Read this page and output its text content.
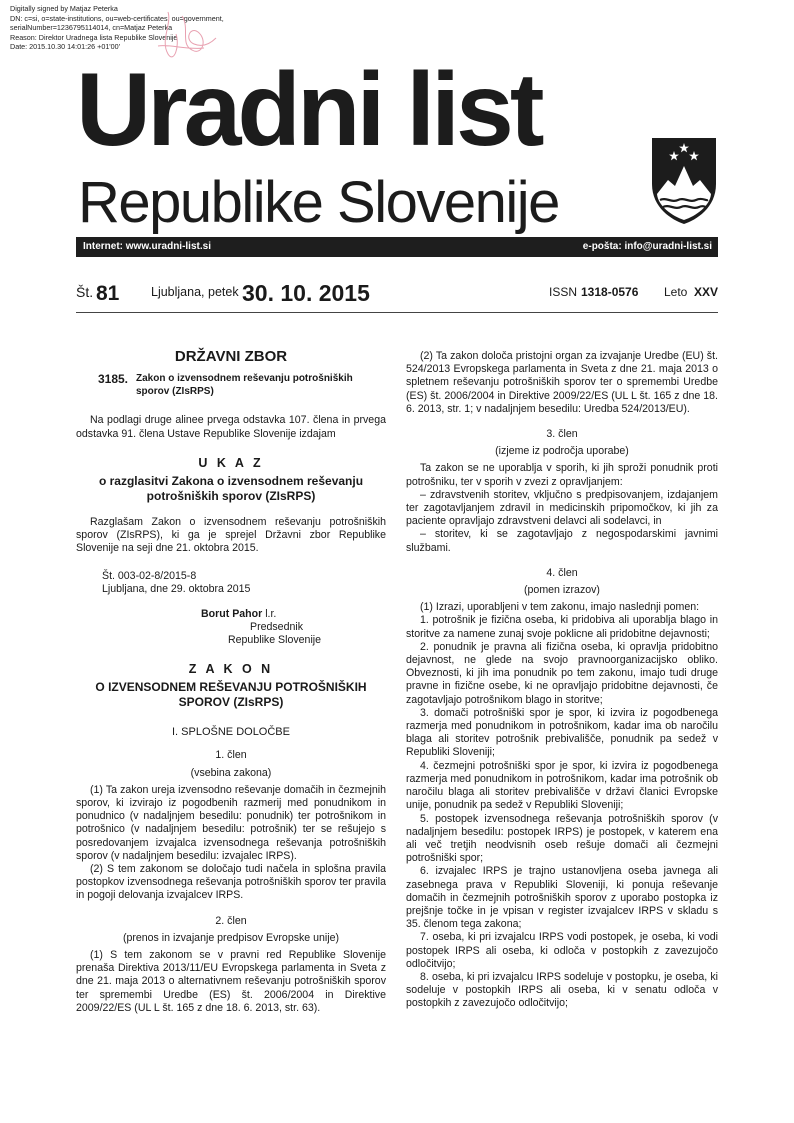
Digitally signed by Matjaz Peterka
DN: c=si, o=state-institutions, ou=web-certificates, ou=government,
serialNumber=1236795114014, cn=Matjaz Peterka
Reason: Direktor Uradnega lista Republike Slovenije
Date: 2015.10.30 14:01:26 +01'00'
Uradni list
Republike Slovenije
Internet: www.uradni-list.si	e-pošta: info@uradni-list.si
Št. 81	Ljubljana, petek 30. 10. 2015	ISSN 1318-0576 Leto XXV

DRŽAVNI ZBOR

3185. Zakon o izvensodnem reševanju potrošniških sporov (ZIsRPS)

Na podlagi druge alinee prvega odstavka 107. člena in prvega odstavka 91. člena Ustave Republike Slovenije izdajam

U K A Z

o razglasitvi Zakona o izvensodnem reševanju potrošniških sporov (ZIsRPS)

Razglašam Zakon o izvensodnem reševanju potrošniških sporov (ZIsRPS), ki ga je sprejel Državni zbor Republike Slovenije na seji dne 21. oktobra 2015.

Št. 003-02-8/2015-8

Ljubljana, dne 29. oktobra 2015

Borut Pahor l.r.

Predsednik

Republike Slovenije

Z A K O N

O IZVENSODNEM REŠEVANJU POTROŠNIŠKIH SPOROV (ZIsRPS)

I. SPLOŠNE DOLOČBE

1. člen

(vsebina zakona)

(1) Ta zakon ureja izvensodno reševanje domačih in čezmejnih sporov, ki izvirajo iz pogodbenih razmerij med ponudnikom in ponudnico (v nadaljnjem besedilu: ponudnik) ter potrošnikom in potrošnico (v nadaljnjem besedilu: potrošnik) ter se rešujejo s posredovanjem izvajalca izvensodnega reševanja potrošniških sporov (v nadaljnjem besedilu: izvajalec IRPS).

(2) S tem zakonom se določajo tudi načela in splošna pravila postopkov izvensodnega reševanja potrošniških sporov ter pravila in pogoji delovanja izvajalcev IRPS.

2. člen

(prenos in izvajanje predpisov Evropske unije)

(1) S tem zakonom se v pravni red Republike Slovenije prenaša Direktiva 2013/11/EU Evropskega parlamenta in Sveta z dne 21. maja 2013 o alternativnem reševanju potrošniških sporov ter spremembi Uredbe (ES) št. 2006/2004 in Direktive 2009/22/ES (UL L št. 165 z dne 18. 6. 2013, str. 63).

(2) Ta zakon določa pristojni organ za izvajanje Uredbe (EU) št. 524/2013 Evropskega parlamenta in Sveta z dne 21. maja 2013 o spletnem reševanju potrošniških sporov ter o spremembi Uredbe (ES) št. 2006/2004 in Direktive 2009/22/ES (UL L št. 165 z dne 18. 6. 2013, str. 1; v nadaljnjem besedilu: Uredba 524/2013/EU).

3. člen

(izjeme iz področja uporabe)

Ta zakon se ne uporablja v sporih, ki jih sproži ponudnik proti potrošniku, ter v sporih v zvezi z opravljanjem:

– zdravstvenih storitev, vključno s predpisovanjem, izdajanjem ter zagotavljanjem zdravil in medicinskih pripomočkov, ki jih za paciente opravljajo zdravstveni delavci ali sodelavci, in

– storitev, ki se zagotavljajo z negospodarskimi javnimi službami.

4. člen

(pomen izrazov)

(1) Izrazi, uporabljeni v tem zakonu, imajo naslednji pomen:

1. potrošnik je fizična oseba, ki pridobiva ali uporablja blago in storitve za namene zunaj svoje poklicne ali pridobitne dejavnosti;

2. ponudnik je pravna ali fizična oseba, ki opravlja pridobitno dejavnost, ne glede na svojo pravnoorganizacijsko obliko. Obveznosti, ki jih ima ponudnik po tem zakonu, imajo tudi druge pravne in fizične osebe, ki ne opravljajo pridobitne dejavnosti, če zagotavljajo potrošnikom blago in storitve;

3. domači potrošniški spor je spor, ki izvira iz pogodbenega razmerja med ponudnikom in potrošnikom, kadar ima ob naročilu blaga ali storitev potrošnik prebivališče, ponudnik pa sedež v Republiki Sloveniji;

4. čezmejni potrošniški spor je spor, ki izvira iz pogodbenega razmerja med ponudnikom in potrošnikom, kadar ima potrošnik ob naročilu blaga ali storitev prebivališče v državi članici Evropske unije, ponudnik pa sedež v Republiki Sloveniji;

5. postopek izvensodnega reševanja potrošniških sporov (v nadaljnjem besedilu: postopek IRPS) je postopek, v katerem ena ali več tretjih neodvisnih oseb rešuje domači ali čezmejni potrošniški spor;

6. izvajalec IRPS je trajno ustanovljena oseba javnega ali zasebnega prava v Republiki Sloveniji, ki ponuja reševanje domačih in čezmejnih potrošniških sporov z uporabo postopka iz prejšnje točke in je vpisan v register izvajalcev IRPS v skladu s 35. členom tega zakona;

7. oseba, ki pri izvajalcu IRPS vodi postopek, je oseba, ki vodi postopek IRPS ali oseba, ki odloča v postopkih z zavezujočo odločitvijo;

8. oseba, ki pri izvajalcu IRPS sodeluje v postopku, je oseba, ki sodeluje v postopkih IRPS ali oseba, ki v senatu odloča v postopkih z zavezujočo odločitvijo;
